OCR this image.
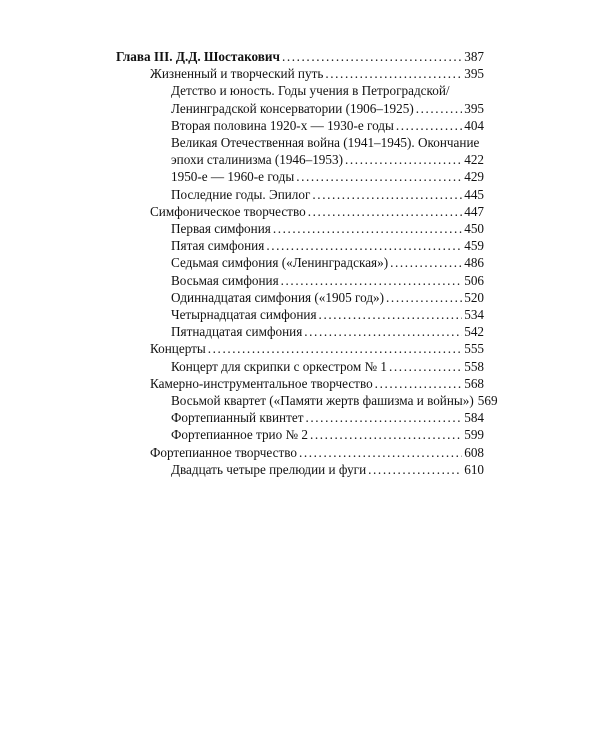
Глава III. Д.Д. Шостакович .....	387
Жизненный и творческий путь .....	395
Детство и юность. Годы учения в Петроградской/
Ленинградской консерватории (1906–1925) .....	395
Вторая половина 1920-х — 1930-е годы .....	404
Великая Отечественная война (1941–1945). Окончание
эпохи сталинизма (1946–1953) .....	422
1950-е — 1960-е годы .....	429
Последние годы. Эпилог .....	445
Симфоническое творчество .....	447
Первая симфония .....	450
Пятая симфония .....	459
Седьмая симфония («Ленинградская») .....	486
Восьмая симфония .....	506
Одиннадцатая симфония («1905 год») .....	520
Четырнадцатая симфония .....	534
Пятнадцатая симфония .....	542
Концерты .....	555
Концерт для скрипки с оркестром № 1 .....	558
Камерно-инструментальное творчество .....	568
Восьмой квартет («Памяти жертв фашизма и войны») 569
Фортепианный квинтет .....	584
Фортепианное трио № 2 .....	599
Фортепианное творчество .....	608
Двадцать четыре прелюдии и фуги .....	610
